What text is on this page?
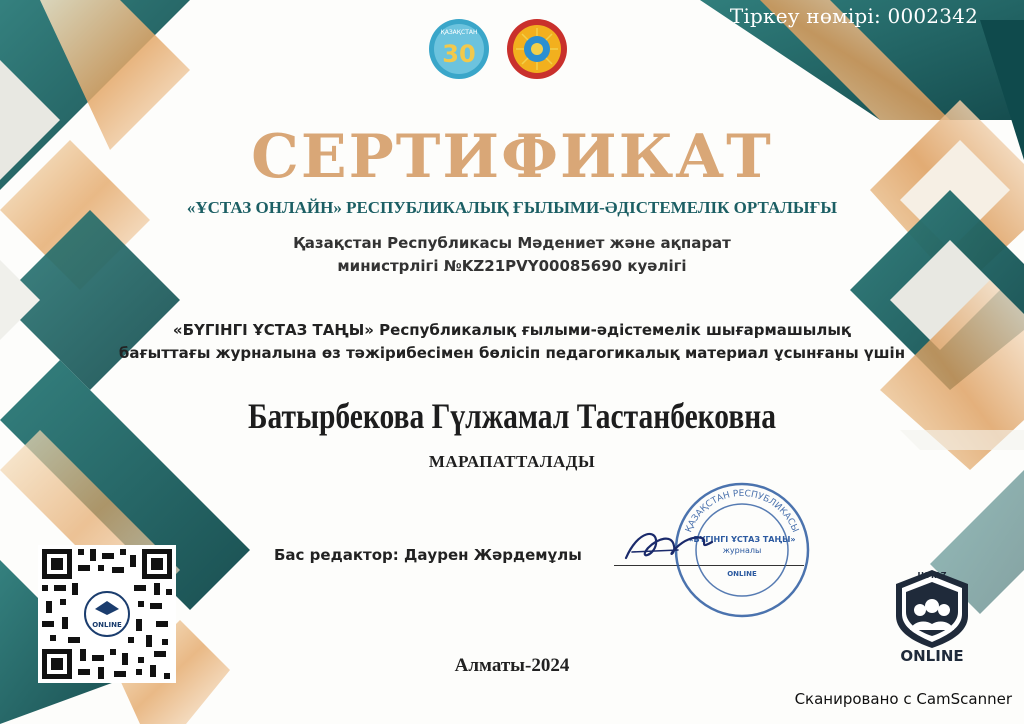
Тіркеу нөмірі: 0002342
ҚАЗАҚСТАН
30
СЕРТИФИКАТ
«ҰСТАЗ ОНЛАЙН» РЕСПУБЛИКАЛЫҚ ҒЫЛЫМИ-ӘДІСТЕМЕЛІК ОРТАЛЫҒЫ
Қазақстан Республикасы Мәдениет және ақпарат
министрлігі №KZ21PVY00085690 куәлігі
«БҮГІНГІ ҰСТАЗ ТАҢЫ» Республикалық ғылыми-әдістемелік шығармашылық
бағыттағы журналына өз тәжірибесімен бөлісіп педагогикалық материал ұсынғаны үшін
Батырбекова Гүлжамал Тастанбековна
МАРАПАТТАЛАДЫ
Бас редактор: Даурен Жәрдемұлы
ҚАЗАҚСТАН РЕСПУБЛИКАСЫ
«БҮГІНГІ ҰСТАЗ ТАҢЫ»
журналы
ONLINE
ONLINE
USTAZ
ONLINE
Алматы-2024
Сканировано с CamScanner
